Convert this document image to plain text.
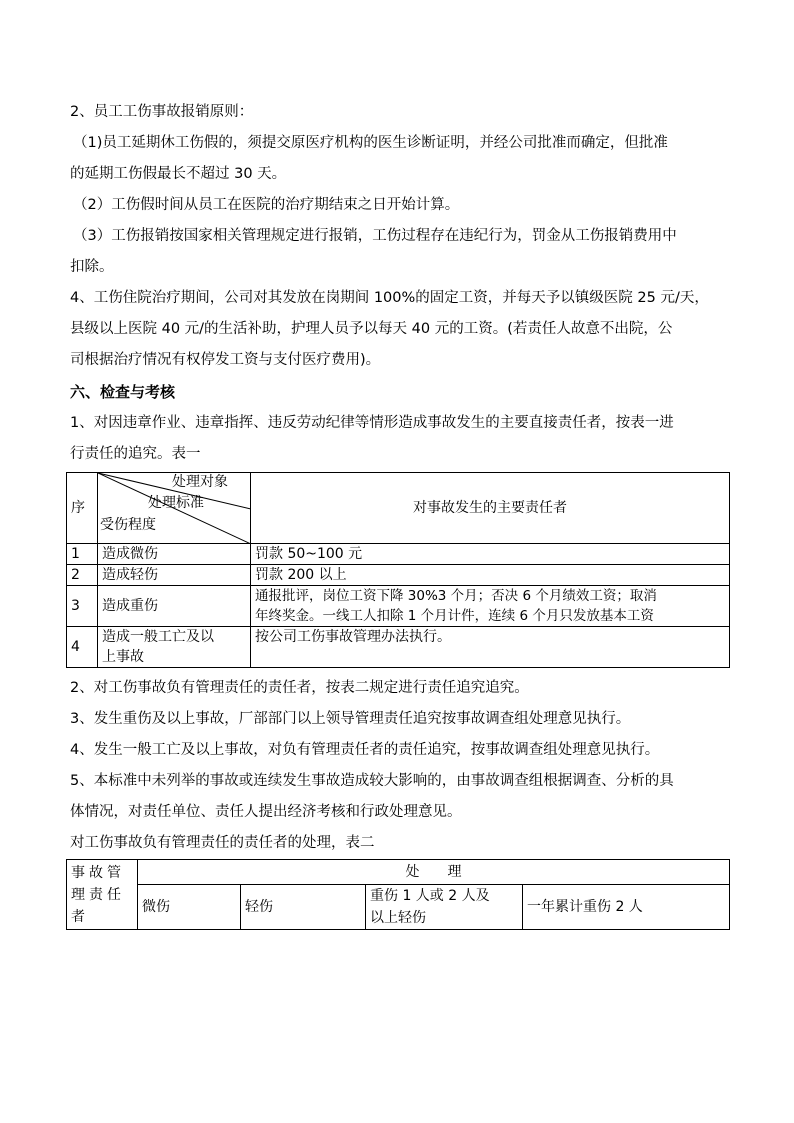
2、员工工伤事故报销原则：

（1)员工延期休工伤假的，须提交原医疗机构的医生诊断证明，并经公司批准而确定，但批准

的延期工伤假最长不超过 30 天。

（2）工伤假时间从员工在医院的治疗期结束之日开始计算。

（3）工伤报销按国家相关管理规定进行报销，工伤过程存在违纪行为，罚金从工伤报销费用中

扣除。

4、工伤住院治疗期间，公司对其发放在岗期间 100%的固定工资，并每天予以镇级医院 25 元/天，

县级以上医院 40 元/的生活补助，护理人员予以每天 40 元的工资。(若责任人故意不出院，公

司根据治疗情况有权停发工资与支付医疗费用)。

六、检查与考核

1、对因违章作业、违章指挥、违反劳动纪律等情形造成事故发生的主要直接责任者，按表一进

行责任的追究。表一

序	处理对象
处理标准
受伤程度	对事故发生的主要责任者
1	造成微伤	罚款 50~100 元
2	造成轻伤	罚款 200 以上
3	造成重伤	通报批评，岗位工资下降 30%3 个月；否决 6 个月绩效工资；取消
年终奖金。一线工人扣除 1 个月计件，连续 6 个月只发放基本工资

4	造成一般工亡及以
上事故	按公司工伤事故管理办法执行。

2、对工伤事故负有管理责任的责任者，按表二规定进行责任追究追究。

3、发生重伤及以上事故，厂部部门以上领导管理责任追究按事故调查组处理意见执行。

4、发生一般工亡及以上事故，对负有管理责任者的责任追究，按事故调查组处理意见执行。

5、本标准中未列举的事故或连续发生事故造成较大影响的，由事故调查组根据调查、分析的具

体情况，对责任单位、责任人提出经济考核和行政处理意见。

对工伤事故负有管理责任的责任者的处理，表二

事故管
理责任
者	处　　理			
	微伤	轻伤	重伤 1 人或 2 人及
以上轻伤	一年累计重伤 2 人
